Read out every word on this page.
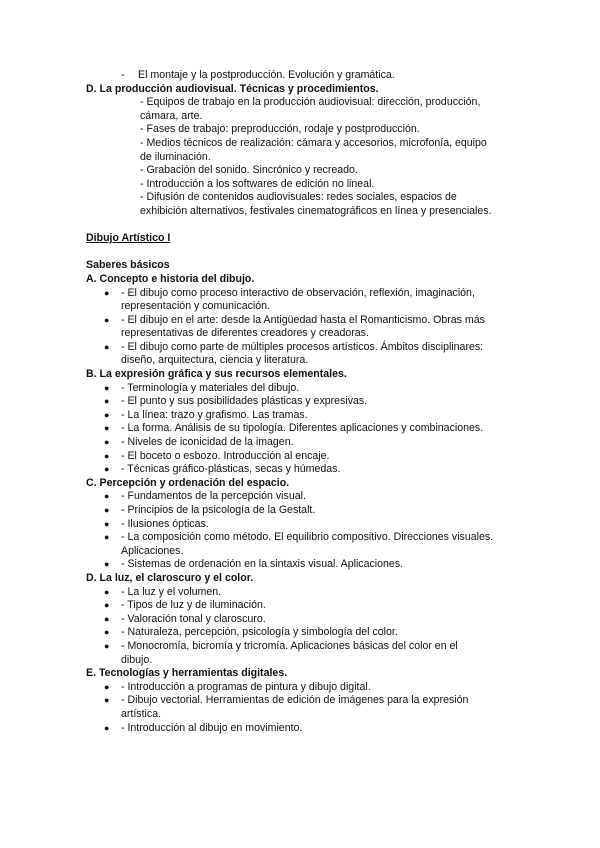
- El montaje y la postproducción. Evolución y gramática.
D. La producción audiovisual. Técnicas y procedimientos.
- Equipos de trabajo en la producción audiovisual: dirección, producción,
cámara, arte.
- Fases de trabajo: preproducción, rodaje y postproducción.
- Medios técnicos de realización: cámara y accesorios, microfonía, equipo
de iluminación.
- Grabación del sonido. Sincrónico y recreado.
- Introducción a los softwares de edición no lineal.
- Difusión de contenidos audiovisuales: redes sociales, espacios de
exhibición alternativos, festivales cinematográficos en línea y presenciales.
Dibujo Artístico I
Saberes básicos
A. Concepto e historia del dibujo.
● - El dibujo como proceso interactivo de observación, reflexión, imaginación,
representación y comunicación.
● - El dibujo en el arte: desde la Antigüedad hasta el Romanticismo. Obras más
representativas de diferentes creadores y creadoras.
● - El dibujo como parte de múltiples procesos artísticos. Ámbitos disciplinares:
diseño, arquitectura, ciencia y literatura.
B. La expresión gráfica y sus recursos elementales.
● - Terminología y materiales del dibujo.
● - El punto y sus posibilidades plásticas y expresivas.
● - La línea: trazo y grafismo. Las tramas.
● - La forma. Análisis de su tipología. Diferentes aplicaciones y combinaciones.
● - Niveles de iconicidad de la imagen.
● - El boceto o esbozo. Introducción al encaje.
● - Técnicas gráfico-plásticas, secas y húmedas.
C. Percepción y ordenación del espacio.
● - Fundamentos de la percepción visual.
● - Principios de la psicología de la Gestalt.
● - Ilusiones ópticas.
● - La composición como método. El equilibrio compositivo. Direcciones visuales.
Aplicaciones.
● - Sistemas de ordenación en la sintaxis visual. Aplicaciones.
D. La luz, el claroscuro y el color.
● - La luz y el volumen.
● - Tipos de luz y de iluminación.
● - Valoración tonal y claroscuro.
● - Naturaleza, percepción, psicología y simbología del color.
● - Monocromía, bicromía y tricromía. Aplicaciones básicas del color en el
dibujo.
E. Tecnologías y herramientas digitales.
● - Introducción a programas de pintura y dibujo digital.
● - Dibujo vectorial. Herramientas de edición de imágenes para la expresión
artística.
● - Introducción al dibujo en movimiento.
